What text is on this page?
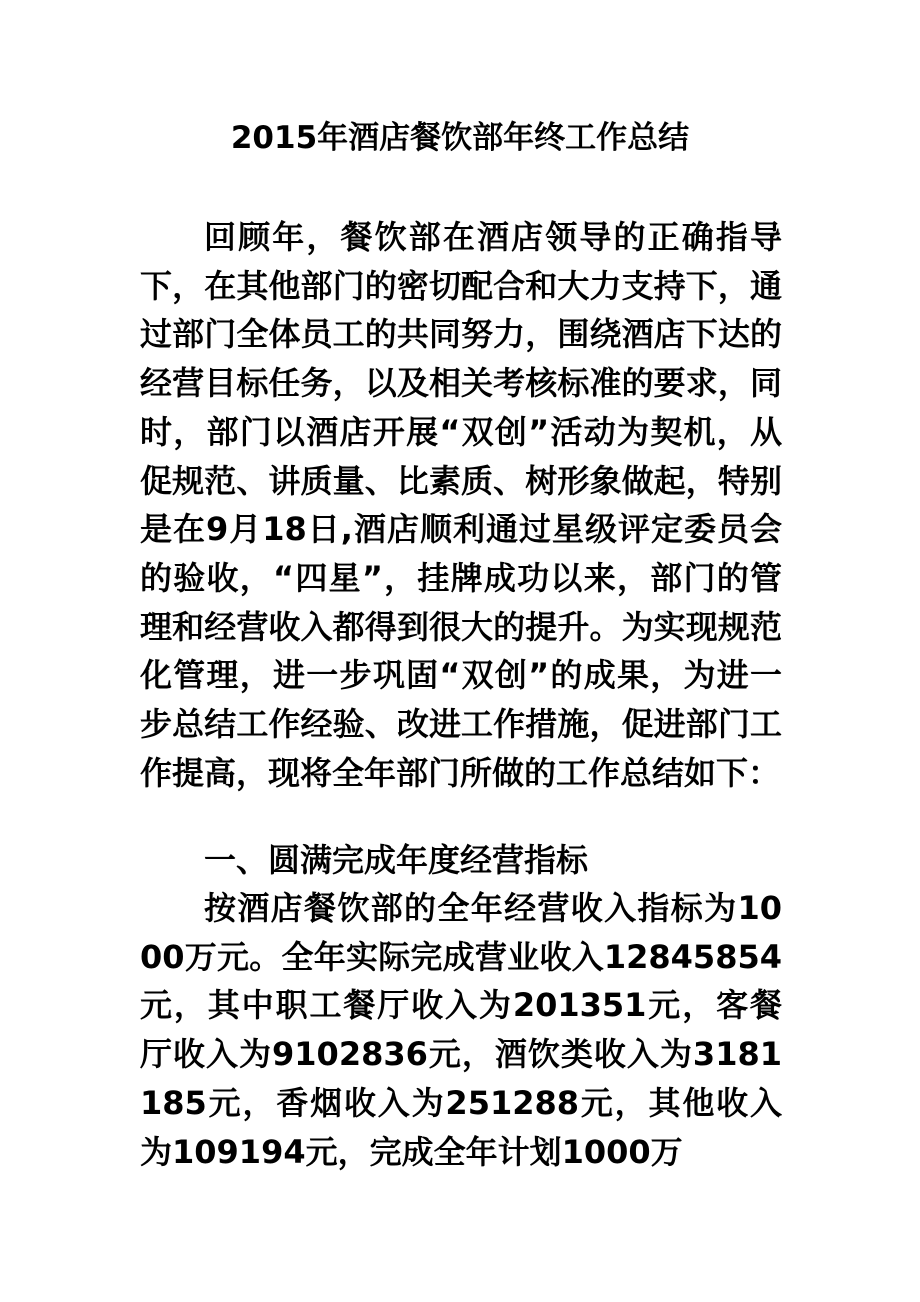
2015年酒店餐饮部年终工作总结

回顾年，餐饮部在酒店领导的正确指导下，在其他部门的密切配合和大力支持下，通过部门全体员工的共同努力，围绕酒店下达的经营目标任务，以及相关考核标准的要求，同时，部门以酒店开展“双创”活动为契机，从促规范、讲质量、比素质、树形象做起，特别是在9月18日,酒店顺利通过星级评定委员会的验收，“四星”，挂牌成功以来，部门的管理和经营收入都得到很大的提升。为实现规范化管理，进一步巩固“双创”的成果，为进一步总结工作经验、改进工作措施，促进部门工作提高，现将全年部门所做的工作总结如下：

一、圆满完成年度经营指标

按酒店餐饮部的全年经营收入指标为1000万元。全年实际完成营业收入12845854元，其中职工餐厅收入为201351元，客餐厅收入为9102836元，酒饮类收入为3181185元，香烟收入为251288元，其他收入为109194元，完成全年计划1000万
